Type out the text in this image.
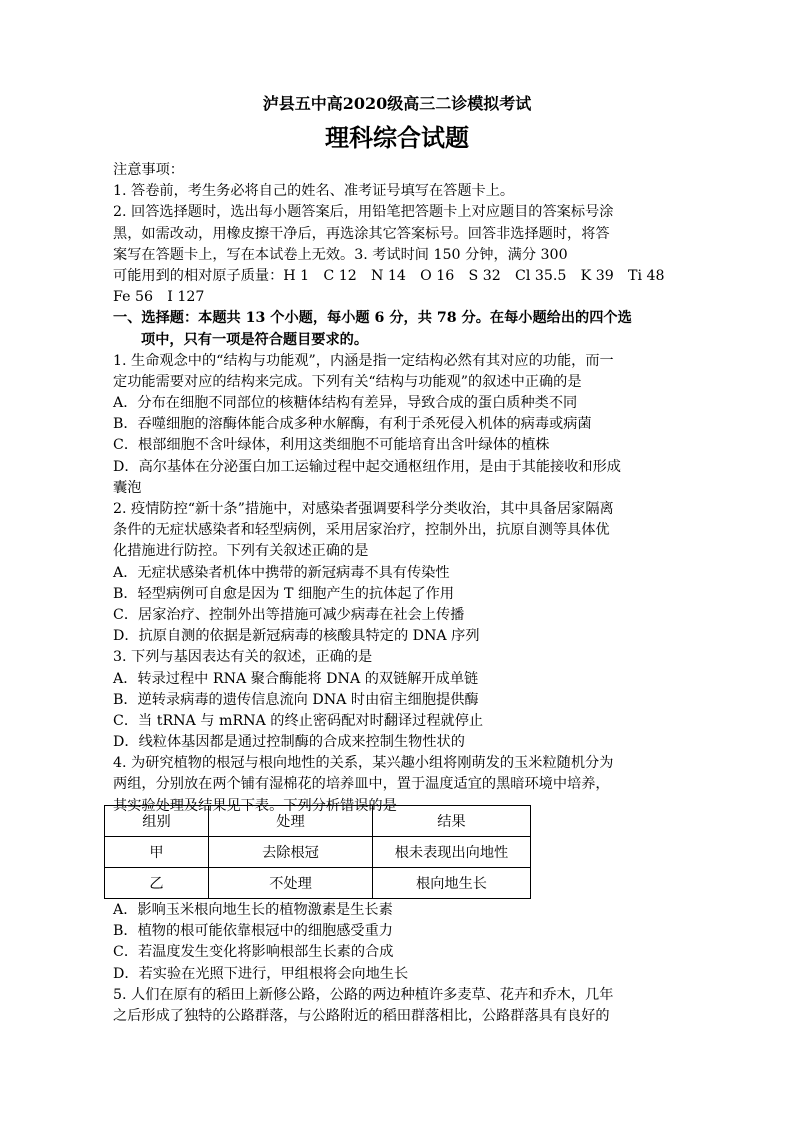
泸县五中高2020级高三二诊模拟考试
理科综合试题
注意事项：
1. 答卷前，考生务必将自己的姓名、准考证号填写在答题卡上。
2. 回答选择题时，选出每小题答案后，用铅笔把答题卡上对应题目的答案标号涂
黑，如需改动，用橡皮擦干净后，再选涂其它答案标号。回答非选择题时，将答
案写在答题卡上，写在本试卷上无效。3. 考试时间 150 分钟，满分 300
可能用到的相对原子质量：H 1　C 12　N 14　O 16　S 32　Cl 35.5　K 39　Ti 48
Fe 56　I 127
一、选择题：本题共 13 个小题，每小题 6 分，共 78 分。在每小题给出的四个选
项中，只有一项是符合题目要求的。
1. 生命观念中的“结构与功能观”，内涵是指一定结构必然有其对应的功能，而一
定功能需要对应的结构来完成。下列有关“结构与功能观”的叙述中正确的是
A．分布在细胞不同部位的核糖体结构有差异，导致合成的蛋白质种类不同
B．吞噬细胞的溶酶体能合成多种水解酶，有利于杀死侵入机体的病毒或病菌
C．根部细胞不含叶绿体，利用这类细胞不可能培育出含叶绿体的植株
D．高尔基体在分泌蛋白加工运输过程中起交通枢纽作用，是由于其能接收和形成
囊泡
2. 疫情防控“新十条”措施中，对感染者强调要科学分类收治，其中具备居家隔离
条件的无症状感染者和轻型病例，采用居家治疗，控制外出，抗原自测等具体优
化措施进行防控。下列有关叙述正确的是
A．无症状感染者机体中携带的新冠病毒不具有传染性
B．轻型病例可自愈是因为 T 细胞产生的抗体起了作用
C．居家治疗、控制外出等措施可减少病毒在社会上传播
D．抗原自测的依据是新冠病毒的核酸具特定的 DNA 序列
3. 下列与基因表达有关的叙述，正确的是
A．转录过程中 RNA 聚合酶能将 DNA 的双链解开成单链
B．逆转录病毒的遗传信息流向 DNA 时由宿主细胞提供酶
C．当 tRNA 与 mRNA 的终止密码配对时翻译过程就停止
D．线粒体基因都是通过控制酶的合成来控制生物性状的
4. 为研究植物的根冠与根向地性的关系，某兴趣小组将刚萌发的玉米粒随机分为
两组，分别放在两个铺有湿棉花的培养皿中，置于温度适宜的黑暗环境中培养，
其实验处理及结果见下表。下列分析错误的是
组别	处理	结果
甲	去除根冠	根未表现出向地性
乙	不处理	根向地生长
A．影响玉米根向地生长的植物激素是生长素
B．植物的根可能依靠根冠中的细胞感受重力
C．若温度发生变化将影响根部生长素的合成
D．若实验在光照下进行，甲组根将会向地生长
5. 人们在原有的稻田上新修公路，公路的两边种植许多麦草、花卉和乔木，几年
之后形成了独特的公路群落，与公路附近的稻田群落相比，公路群落具有良好的
